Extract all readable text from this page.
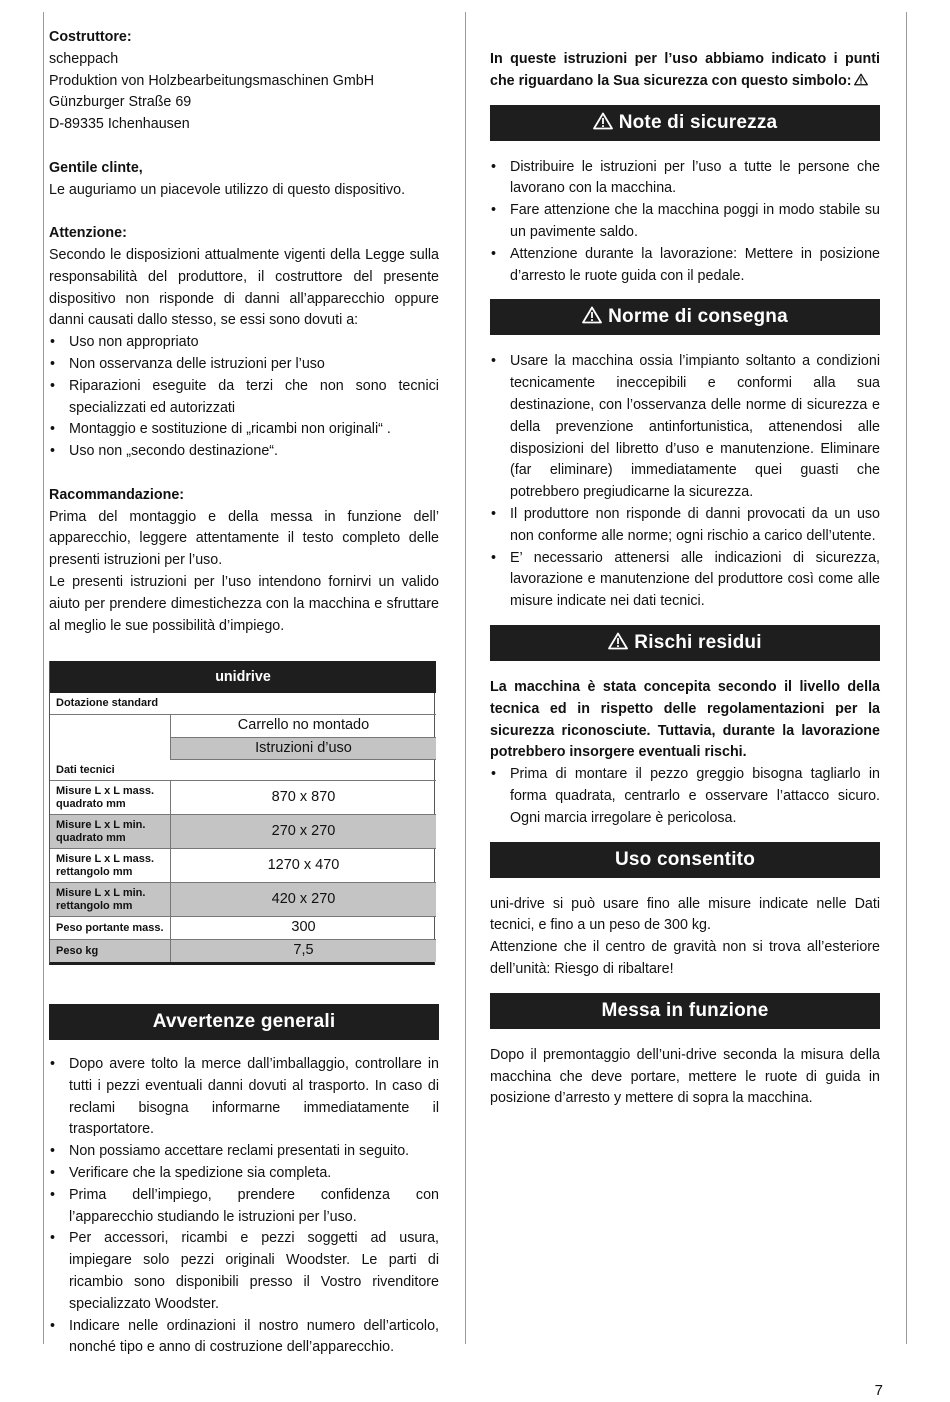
Costruttore:
scheppach
Produktion von Holzbearbeitungsmaschinen GmbH
Günzburger Straße 69
D-89335 Ichenhausen
Gentile clinte,
Le auguriamo un piacevole utilizzo di questo dispositivo.
Attenzione:

Secondo le disposizioni attualmente vigenti della Legge sulla responsabilità del produttore, il costruttore del presente dispositivo non risponde di danni all’apparecchio oppure danni causati dallo stesso, se essi sono dovuti a:

• Uso non appropriato
• Non osservanza delle istruzioni per l’uso
• Riparazioni eseguite da terzi che non sono tecnici specializzati ed autorizzati
• Montaggio e sostituzione di „ricambi non originali“ .
• Uso non „secondo destinazione“.
Racommandazione:

Prima del montaggio e della messa in funzione dell’ apparecchio, leggere attentamente il testo completo delle presenti istruzioni per l’uso.

Le presenti istruzioni per l’uso intendono fornirvi un valido aiuto per prendere dimestichezza con la macchina e sfruttare al meglio le sue possibilità d’impiego.

unidrive	
Dotazione standard	
	Carrello no montado
	Istruzioni d’uso
Dati tecnici	
Misure L x L mass. quadrato mm	870 x 870
Misure L x L min. quadrato mm	270 x 270
Misure L x L mass. rettangolo mm	1270 x 470
Misure L x L min. rettangolo mm	420 x 270
Peso portante mass.	300
Peso kg	7,5
Avvertenze generali
• Dopo avere tolto la merce dall’imballaggio, controllare in tutti i pezzi eventuali danni dovuti al trasporto. In caso di reclami bisogna informarne immediatamente il trasportatore.
• Non possiamo accettare reclami presentati in seguito.
• Verificare che la spedizione sia completa.
• Prima dell’impiego, prendere confidenza con l’apparecchio studiando le istruzioni per l’uso.
• Per accessori, ricambi e pezzi soggetti ad usura, impiegare solo pezzi originali Woodster. Le parti di ricambio sono disponibili presso il Vostro rivenditore specializzato Woodster.
• Indicare nelle ordinazioni il nostro numero dell’articolo, nonché tipo e anno di costruzione dell’apparecchio.

In queste istruzioni per l’uso abbiamo indicato i punti che riguardano la Sua sicurezza con questo simbolo:

Note di sicurezza
• Distribuire le istruzioni per l’uso a tutte le persone che lavorano con la macchina.
• Fare attenzione che la macchina poggi in modo stabile su un pavimente saldo.
• Attenzione durante la lavorazione: Mettere in posizione d’arresto le ruote guida con il pedale.
Norme di consegna
• Usare la macchina ossia l’impianto soltanto a condizioni tecnicamente ineccepibili e conformi alla sua destinazione, con l’osservanza delle norme di sicurezza e della prevenzione antinfortunistica, attenendosi alle disposizioni del libretto d’uso e manutenzione. Eliminare (far eliminare) immediatamente quei guasti che potrebbero pregiudicarne la sicurezza.
• Il produttore non risponde di danni provocati da un uso non conforme alle norme; ogni rischio a carico dell’utente.
• E’ necessario attenersi alle indicazioni di sicurezza, lavorazione e manutenzione del produttore così come alle misure indicate nei dati tecnici.
Rischi residui

La macchina è stata concepita secondo il livello della tecnica ed in rispetto delle regolamentazioni per la sicurezza riconosciute. Tuttavia, durante la lavorazione potrebbero insorgere eventuali rischi.

• Prima di montare il pezzo greggio bisogna tagliarlo in forma quadrata, centrarlo e osservare l’attacco sicuro. Ogni marcia irregolare è pericolosa.
Uso consentito

uni-drive si può usare fino alle misure indicate nelle Dati tecnici, e fino a un peso de 300 kg.

Attenzione che il centro de gravità non si trova all’esteriore dell’unità: Riesgo di ribaltare!

Messa in funzione

Dopo il premontaggio dell’uni-drive seconda la misura della macchina che deve portare, mettere le ruote di guida in posizione d’arresto y mettere di sopra la macchina.

7
